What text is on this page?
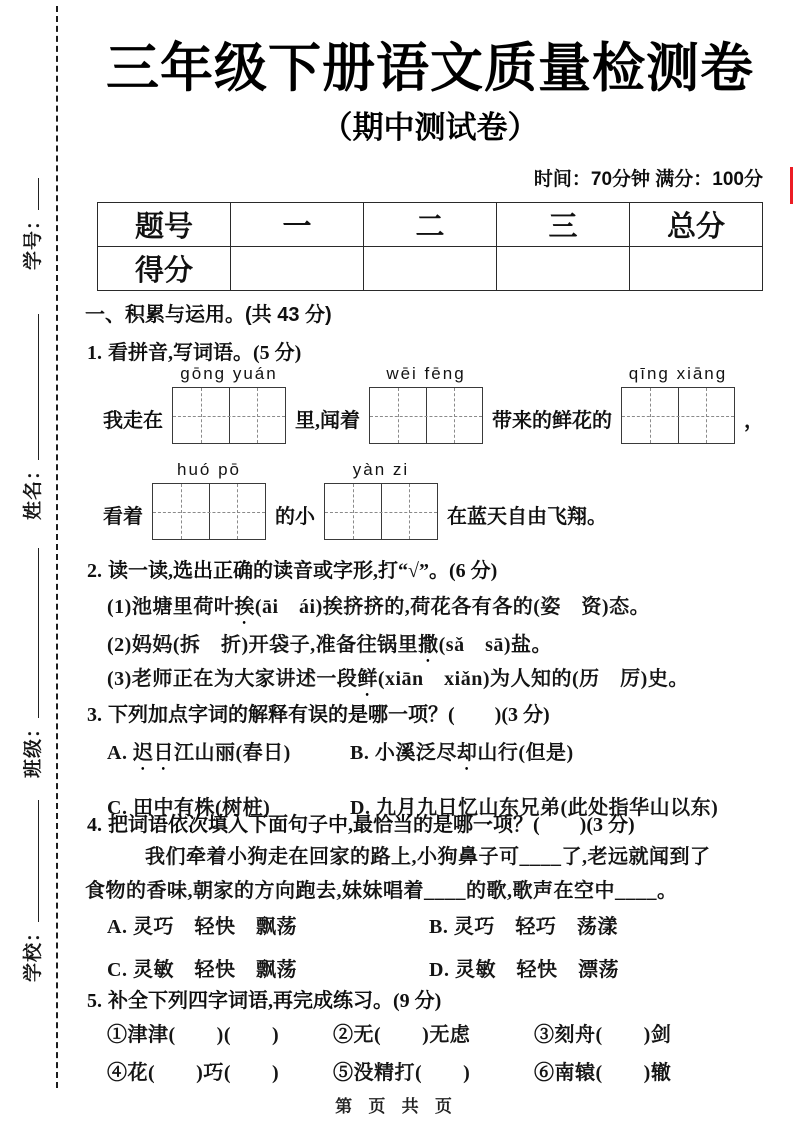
学号：
姓名：
班级：
学校：
三年级下册语文质量检测卷
（期中测试卷）
时间：70分钟 满分：100分
题号	一	二	三	总分
得分				
一、积累与运用。(共 43 分)
1. 看拼音,写词语。(5 分)
我走在
gōng yuán
里,闻着
wēi fēng
带来的鲜花的
qīng xiāng
，
看着
huó pō
的小
yàn zi
在蓝天自由飞翔。
2. 读一读,选出正确的读音或字形,打“√”。(6 分)
(1)池塘里荷叶挨(āi　ái)挨挤挤的,荷花各有各的(姿　资)态。
(2)妈妈(拆　折)开袋子,准备往锅里撒(sǎ　sā)盐。
(3)老师正在为大家讲述一段鲜(xiān　xiǎn)为人知的(历　厉)史。
3. 下列加点字词的解释有误的是哪一项？(　　)(3 分)
A. 迟日江山丽(春日)	B. 小溪泛尽却山行(但是)
C. 田中有株(树桩)	D. 九月九日忆山东兄弟(此处指华山以东)
4. 把词语依次填入下面句子中,最恰当的是哪一项？(　　)(3 分)
我们牵着小狗走在回家的路上,小狗鼻子可____了,老远就闻到了
食物的香味,朝家的方向跑去,妹妹唱着____的歌,歌声在空中____。
A. 灵巧　轻快　飘荡	B. 灵巧　轻巧　荡漾
C. 灵敏　轻快　飘荡	D. 灵敏　轻快　漂荡
5. 补全下列四字词语,再完成练习。(9 分)
①津津(　　)(　　)	②无(　　)无虑	③刻舟(　　)剑
④花(　　)巧(　　)	⑤没精打(　　)	⑥南辕(　　)辙
第 页 共 页
